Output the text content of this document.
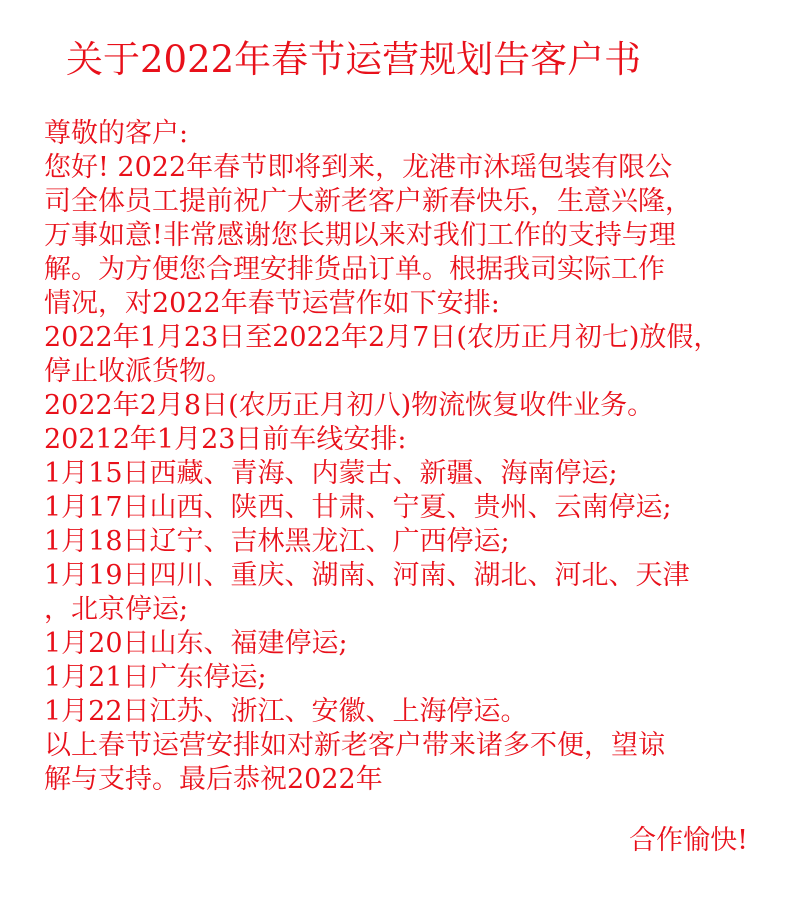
关于2022年春节运营规划告客户书
尊敬的客户:
您好! 2022年春节即将到来，龙港市沐瑶包装有限公
司全体员工提前祝广大新老客户新春快乐，生意兴隆，
万事如意!非常感谢您长期以来对我们工作的支持与理
解。为方便您合理安排货品订单。根据我司实际工作
情况，对2022年春节运营作如下安排:
2022年1月23日至2022年2月7日(农历正月初七)放假，
停止收派货物。
2022年2月8日(农历正月初八)物流恢复收件业务。
20212年1月23日前车线安排:
1月15日西藏、青海、内蒙古、新疆、海南停运;
1月17日山西、陕西、甘肃、宁夏、贵州、云南停运;
1月18日辽宁、吉林黑龙江、广西停运;
1月19日四川、重庆、湖南、河南、湖北、河北、天津
，北京停运;
1月20日山东、福建停运;
1月21日广东停运;
1月22日江苏、浙江、安徽、上海停运。
以上春节运营安排如对新老客户带来诸多不便，望谅
解与支持。最后恭祝2022年
合作愉快!
